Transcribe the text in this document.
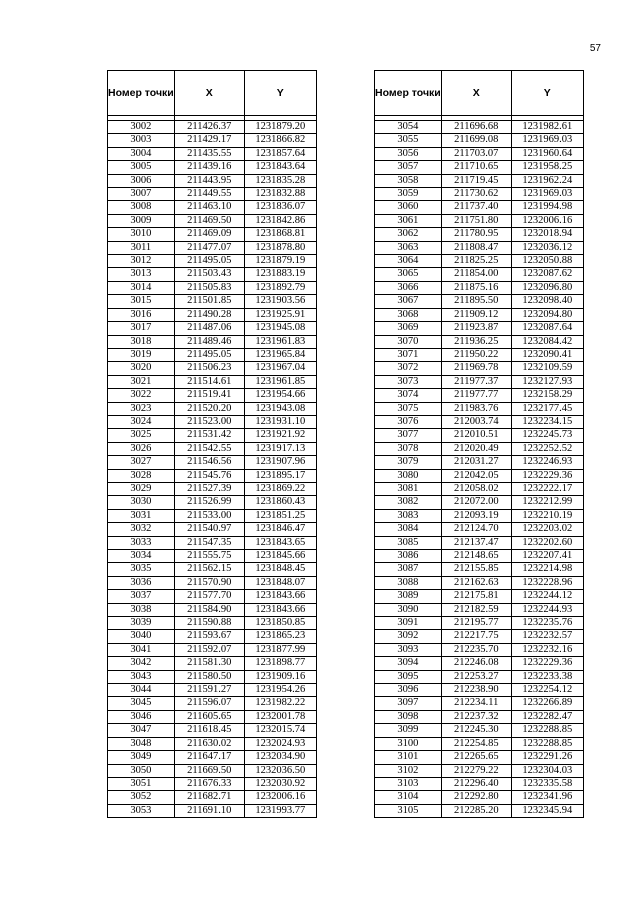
57
Номер точки	X	Y

3002	211426.37	1231879.20
3003	211429.17	1231866.82
3004	211435.55	1231857.64
3005	211439.16	1231843.64
3006	211443.95	1231835.28
3007	211449.55	1231832.88
3008	211463.10	1231836.07
3009	211469.50	1231842.86
3010	211469.09	1231868.81
3011	211477.07	1231878.80
3012	211495.05	1231879.19
3013	211503.43	1231883.19
3014	211505.83	1231892.79
3015	211501.85	1231903.56
3016	211490.28	1231925.91
3017	211487.06	1231945.08
3018	211489.46	1231961.83
3019	211495.05	1231965.84
3020	211506.23	1231967.04
3021	211514.61	1231961.85
3022	211519.41	1231954.66
3023	211520.20	1231943.08
3024	211523.00	1231931.10
3025	211531.42	1231921.92
3026	211542.55	1231917.13
3027	211546.56	1231907.96
3028	211545.76	1231895.17
3029	211527.39	1231869.22
3030	211526.99	1231860.43
3031	211533.00	1231851.25
3032	211540.97	1231846.47
3033	211547.35	1231843.65
3034	211555.75	1231845.66
3035	211562.15	1231848.45
3036	211570.90	1231848.07
3037	211577.70	1231843.66
3038	211584.90	1231843.66
3039	211590.88	1231850.85
3040	211593.67	1231865.23
3041	211592.07	1231877.99
3042	211581.30	1231898.77
3043	211580.50	1231909.16
3044	211591.27	1231954.26
3045	211596.07	1231982.22
3046	211605.65	1232001.78
3047	211618.45	1232015.74
3048	211630.02	1232024.93
3049	211647.17	1232034.90
3050	211669.50	1232036.50
3051	211676.33	1232030.92
3052	211682.71	1232006.16
3053	211691.10	1231993.77
Номер точки	X	Y

3054	211696.68	1231982.61
3055	211699.08	1231969.03
3056	211703.07	1231960.64
3057	211710.65	1231958.25
3058	211719.45	1231962.24
3059	211730.62	1231969.03
3060	211737.40	1231994.98
3061	211751.80	1232006.16
3062	211780.95	1232018.94
3063	211808.47	1232036.12
3064	211825.25	1232050.88
3065	211854.00	1232087.62
3066	211875.16	1232096.80
3067	211895.50	1232098.40
3068	211909.12	1232094.80
3069	211923.87	1232087.64
3070	211936.25	1232084.42
3071	211950.22	1232090.41
3072	211969.78	1232109.59
3073	211977.37	1232127.93
3074	211977.77	1232158.29
3075	211983.76	1232177.45
3076	212003.74	1232234.15
3077	212010.51	1232245.73
3078	212020.49	1232252.52
3079	212031.27	1232246.93
3080	212042.05	1232229.36
3081	212058.02	1232222.17
3082	212072.00	1232212.99
3083	212093.19	1232210.19
3084	212124.70	1232203.02
3085	212137.47	1232202.60
3086	212148.65	1232207.41
3087	212155.85	1232214.98
3088	212162.63	1232228.96
3089	212175.81	1232244.12
3090	212182.59	1232244.93
3091	212195.77	1232235.76
3092	212217.75	1232232.57
3093	212235.70	1232232.16
3094	212246.08	1232229.36
3095	212253.27	1232233.38
3096	212238.90	1232254.12
3097	212234.11	1232266.89
3098	212237.32	1232282.47
3099	212245.30	1232288.85
3100	212254.85	1232288.85
3101	212265.65	1232291.26
3102	212279.22	1232304.03
3103	212296.40	1232335.58
3104	212292.80	1232341.96
3105	212285.20	1232345.94
